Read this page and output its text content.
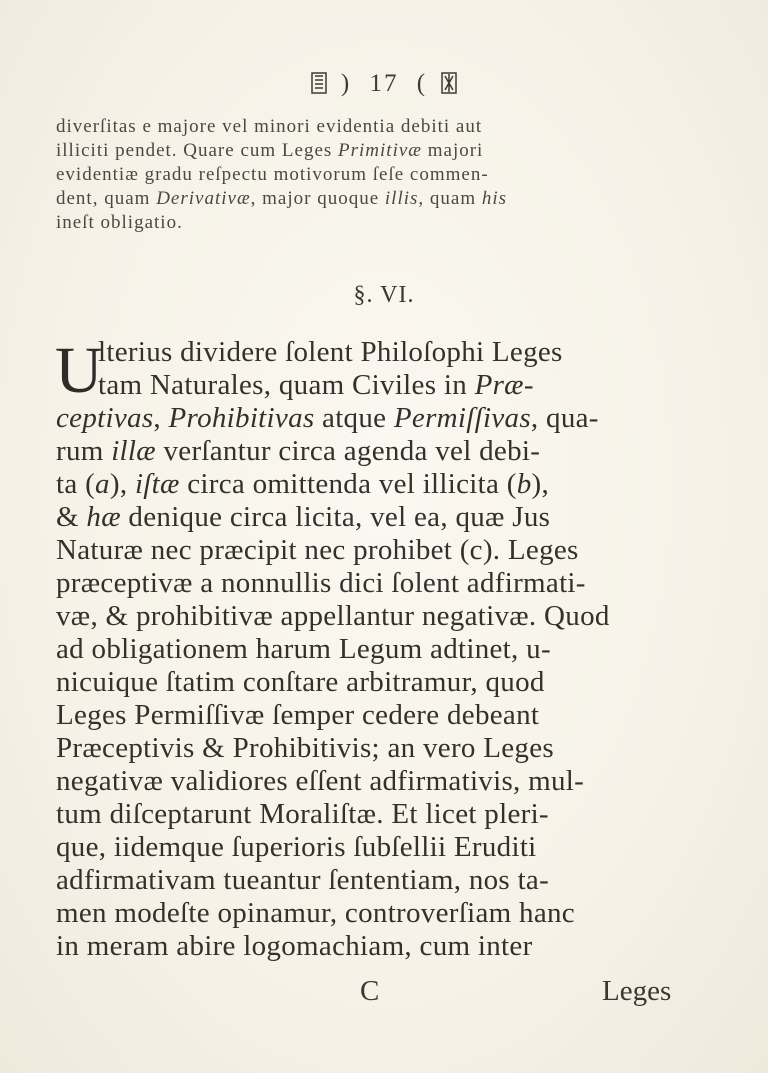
) 17 (
diverſitas e majore vel minori evidentia debiti aut
illiciti pendet. Quare cum Leges Primitivæ majori
evidentiæ gradu reſpectu motivorum ſeſe commen-
dent, quam Derivativæ, major quoque illis, quam his
ineſt obligatio.
§. VI.
U
lterius dividere ſolent Philoſophi Leges
tam Naturales, quam Civiles in Præ-
ceptivas, Prohibitivas atque Permiſſivas, qua-
rum illæ verſantur circa agenda vel debi-
ta (a), iſtæ circa omittenda vel illicita (b),
& hæ denique circa licita, vel ea, quæ Jus
Naturæ nec præcipit nec prohibet (c). Leges
præceptivæ a nonnullis dici ſolent adfirmati-
væ, & prohibitivæ appellantur negativæ. Quod
ad obligationem harum Legum adtinet, u-
nicuique ſtatim conſtare arbitramur, quod
Leges Permiſſivæ ſemper cedere debeant
Præceptivis & Prohibitivis; an vero Leges
negativæ validiores eſſent adfirmativis, mul-
tum diſceptarunt Moraliſtæ. Et licet pleri-
que, iidemque ſuperioris ſubſellii Eruditi
adfirmativam tueantur ſententiam, nos ta-
men modeſte opinamur, controverſiam hanc
in meram abire logomachiam, cum inter
C	Leges
